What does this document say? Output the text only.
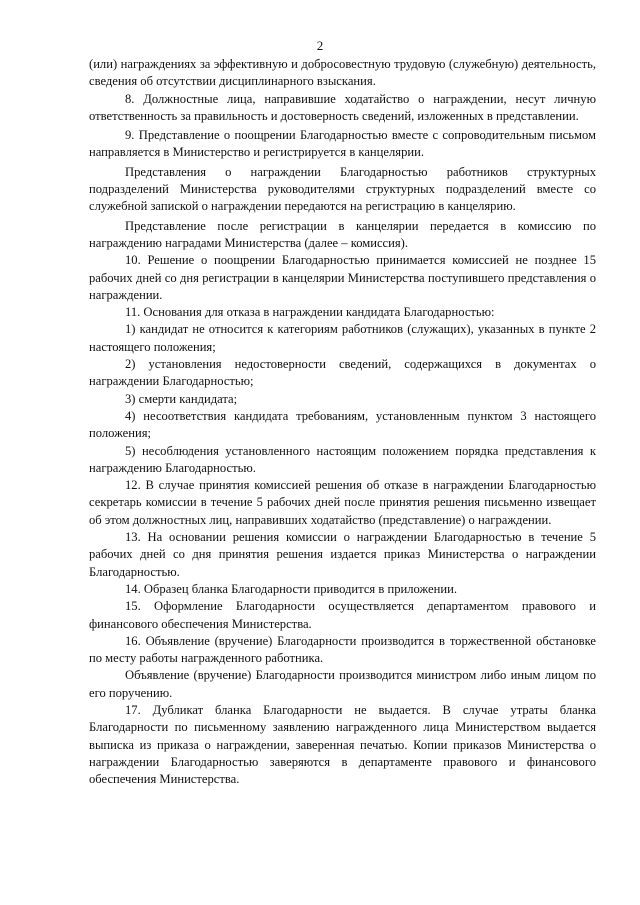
2

(или) награждениях за эффективную и добросовестную трудовую (служебную) деятельность, сведения об отсутствии дисциплинарного взыскания.

8. Должностные лица, направившие ходатайство о награждении, несут личную ответственность за правильность и достоверность сведений, изложенных в представлении.

9. Представление о поощрении Благодарностью вместе с сопроводительным письмом направляется в Министерство и регистрируется в канцелярии.

Представления о награждении Благодарностью работников структурных подразделений Министерства руководителями структурных подразделений вместе со служебной запиской о награждении передаются на регистрацию в канцелярию.

Представление после регистрации в канцелярии передается в комиссию по награждению наградами Министерства (далее – комиссия).

10. Решение о поощрении Благодарностью принимается комиссией не позднее 15 рабочих дней со дня регистрации в канцелярии Министерства поступившего представления о награждении.

11. Основания для отказа в награждении кандидата Благодарностью:

1) кандидат не относится к категориям работников (служащих), указанных в пункте 2 настоящего положения;

2) установления недостоверности сведений, содержащихся в документах о награждении Благодарностью;

3) смерти кандидата;

4) несоответствия кандидата требованиям, установленным пунктом 3 настоящего положения;

5) несоблюдения установленного настоящим положением порядка представления к награждению Благодарностью.

12. В случае принятия комиссией решения об отказе в награждении Благодарностью секретарь комиссии в течение 5 рабочих дней после принятия решения письменно извещает об этом должностных лиц, направивших ходатайство (представление) о награждении.

13. На основании решения комиссии о награждении Благодарностью в течение 5 рабочих дней со дня принятия решения издается приказ Министерства о награждении Благодарностью.

14. Образец бланка Благодарности приводится в приложении.

15. Оформление Благодарности осуществляется департаментом правового и финансового обеспечения Министерства.

16. Объявление (вручение) Благодарности производится в торжественной обстановке по месту работы награжденного работника.

Объявление (вручение) Благодарности производится министром либо иным лицом по его поручению.

17. Дубликат бланка Благодарности не выдается. В случае утраты бланка Благодарности по письменному заявлению награжденного лица Министерством выдается выписка из приказа о награждении, заверенная печатью. Копии приказов Министерства о награждении Благодарностью заверяются в департаменте правового и финансового обеспечения Министерства.
